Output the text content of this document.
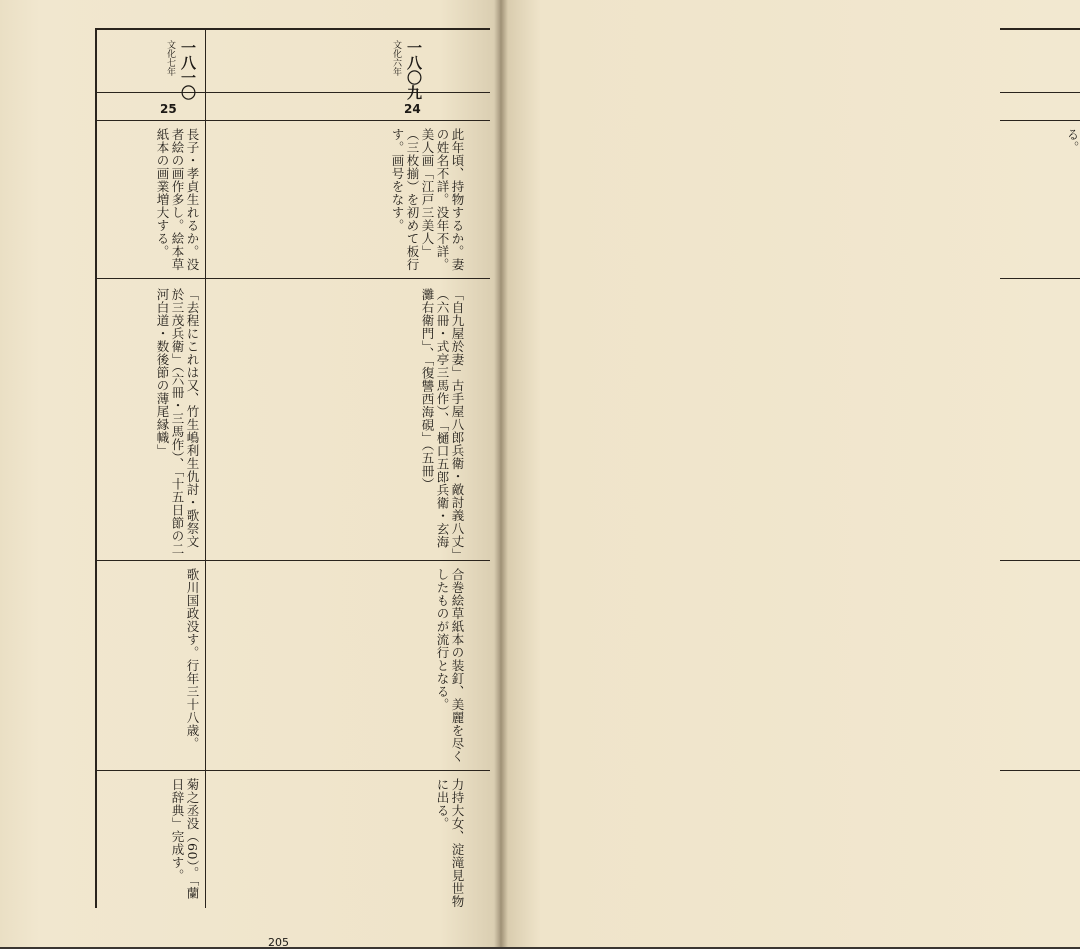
る。
一八〇九
文化六年
24
此年頃、持物するか。妻の姓名不詳。没年不詳。美人画「江戸三美人」（三枚揃）を初めて板行す。画号をなす。
「自九屋於妻」古手屋八郎兵衛・敵討義八丈」（六冊・式亭三馬作）、「樋口五郎兵衛・玄海灘右衛門」、「復讐西海硯」（五冊）
合巻絵草紙本の装釘、美麗を尽くしたものが流行となる。
力持大女、淀滝見世物に出る。
一八一〇
文化七年
25
長子・孝貞生れるか。没者絵の画作多し。絵本草紙本の画業増大する。
「去程にこれは又、竹生嶋利生仇討・歌祭文於三茂兵衛」（六冊・三馬作）、「十五日節の二河白道・数後節の薄尾縁幟」
歌川国政没す。行年三十八歳。
菊之丞没（60）。「蘭日辞典」完成す。
205
